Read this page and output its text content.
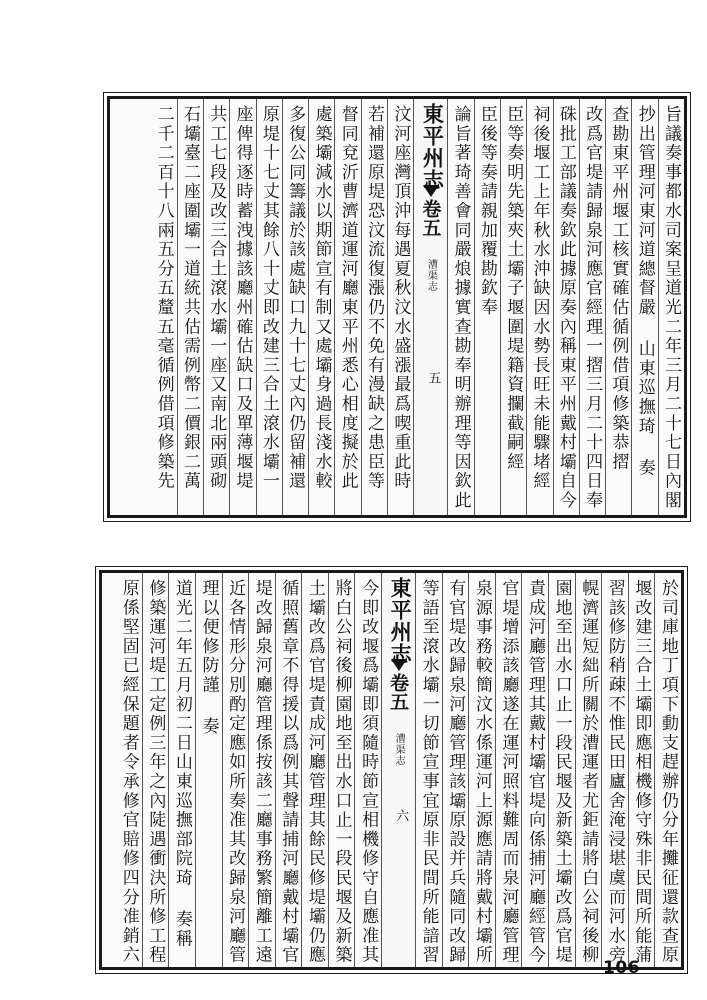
旨議奏事都水司案呈道光二年三月二十七日內閣
抄出管理河東河道總督嚴 山東巡撫琦 奏
查勘東平州堰工核實確估循例借項修築恭摺
改爲官堤請歸泉河應官經理一摺三月二十四日奉
硃批工部議奏欽此據原奏內稱東平州戴村壩自今
祠後堰工上年秋水沖缺因水勢長旺未能驟堵經
臣等奏明先築夾土壩子堰圍堤籍資攔截嗣經
臣後等奏請親加覆勘欽奉
論旨著琦善會同嚴烺據實查勘奉明辦理等因欽此
東平州志
卷五
漕渠志
五
汶河座灣頂沖每遇夏秋汶水盛漲最爲喫重此時
若補還原堤恐汶流復漲仍不免有漫缺之患臣等
督同兗沂曹濟道運河廳東平州悉心相度擬於此
處築壩減水以期節宣有制又處壩身過長淺水較
多復公同籌議於該處缺口九十七丈內仍留補還
原堤十七丈其餘八十丈即改建三合土滾水壩一
座俾得逐時蓄洩據該廳州確估缺口及單薄堰堤
共工七段及改三合土滾水壩一座又南北兩頭砌
石壩臺二座圍壩一道統共估需例幣二價銀二萬
二千二百十八兩五分五釐五毫循例借項修築先
於司庫地丁項下動支趕辦仍分年攤征還款查原
堰改建三合土壩即應相機修守殊非民間所能蒲
習該修防稍疎不惟民田廬舍淹浸堪虞而河水旁
幌濟運短絀所關於漕運者尤鉅請將白公祠後柳
園地至出水口止一段民堰及新築土壩改爲官堤
責成河廳管理其戴村壩官堤向係捕河廳經管今
官堤增添該廳遂在運河照料難周而泉河廳管理
泉源事務較簡汶水係運河上源應請將戴村壩所
有官堤改歸泉河廳管理該壩原設并兵隨同改歸
等語至滾水壩一切節宣事宜原非民間所能諳習
東平州志
卷五
漕渠志
六
今即改堰爲壩即須隨時節宣相機修守自應准其
將白公祠後柳園地至出水口止一段民堰及新築
土壩改爲官堤責成河廳管理其餘民修堤壩仍應
循照舊章不得援以爲例其聲請捕河廳戴村壩官
堤改歸泉河廳管理係按該二廳事務繁簡離工遠
近各情形分別酌定應如所奏准其改歸泉河廳管
理以便修防謹 奏
道光二年五月初二日山東巡撫部院琦 奏稱
修築運河堤工定例三年之內陡遇衝決所修工程
原係堅固已經保題者令承修官賠修四分准銷六
106
